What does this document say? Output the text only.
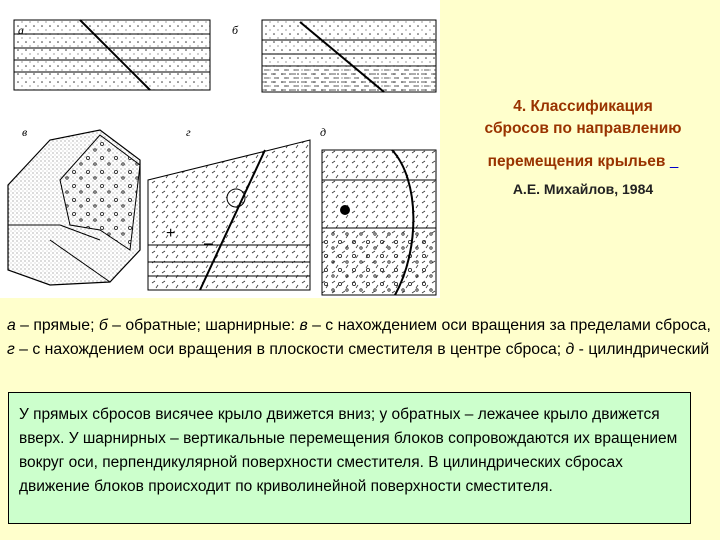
а	б
в
+
–
г	д
4. Классификация
сбросов по направлению
перемещения крыльев
А.Е. Михайлов, 1984
а – прямые; б – обратные; шарнирные: в – с нахождением оси вращения за пределами сброса, г – с нахождением оси вращения в плоскости сместителя в центре сброса; д - цилиндрический
У прямых сбросов висячее крыло движется вниз; у обратных – лежачее крыло движется вверх. У шарнирных – вертикальные перемещения блоков сопровождаются их вращением вокруг оси, перпендикулярной поверхности сместителя. В цилиндрических сбросах движение блоков происходит по криволинейной поверхности сместителя.
